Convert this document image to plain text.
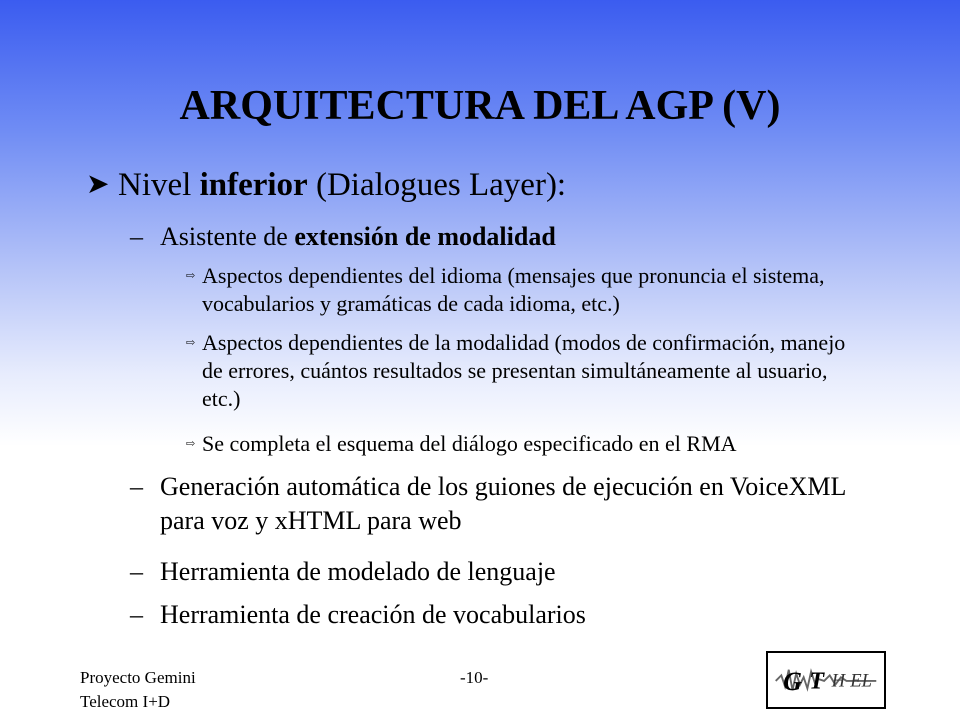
ARQUITECTURA DEL AGP (V)
➤ Nivel inferior (Dialogues Layer):
– Asistente de extensión de modalidad
⇨ Aspectos dependientes del idioma (mensajes que pronuncia el sistema, vocabularios y gramáticas de cada idioma, etc.)
⇨ Aspectos dependientes de la modalidad (modos de confirmación, manejo de errores, cuántos resultados se presentan simultáneamente al usuario, etc.)
⇨ Se completa el esquema del diálogo especificado en el RMA
– Generación automática de los guiones de ejecución en VoiceXML para voz y xHTML para web
– Herramienta de modelado de lenguaje
– Herramienta de creación de vocabularios
Proyecto Gemini
Telecom I+D
-10-	G T H EL
